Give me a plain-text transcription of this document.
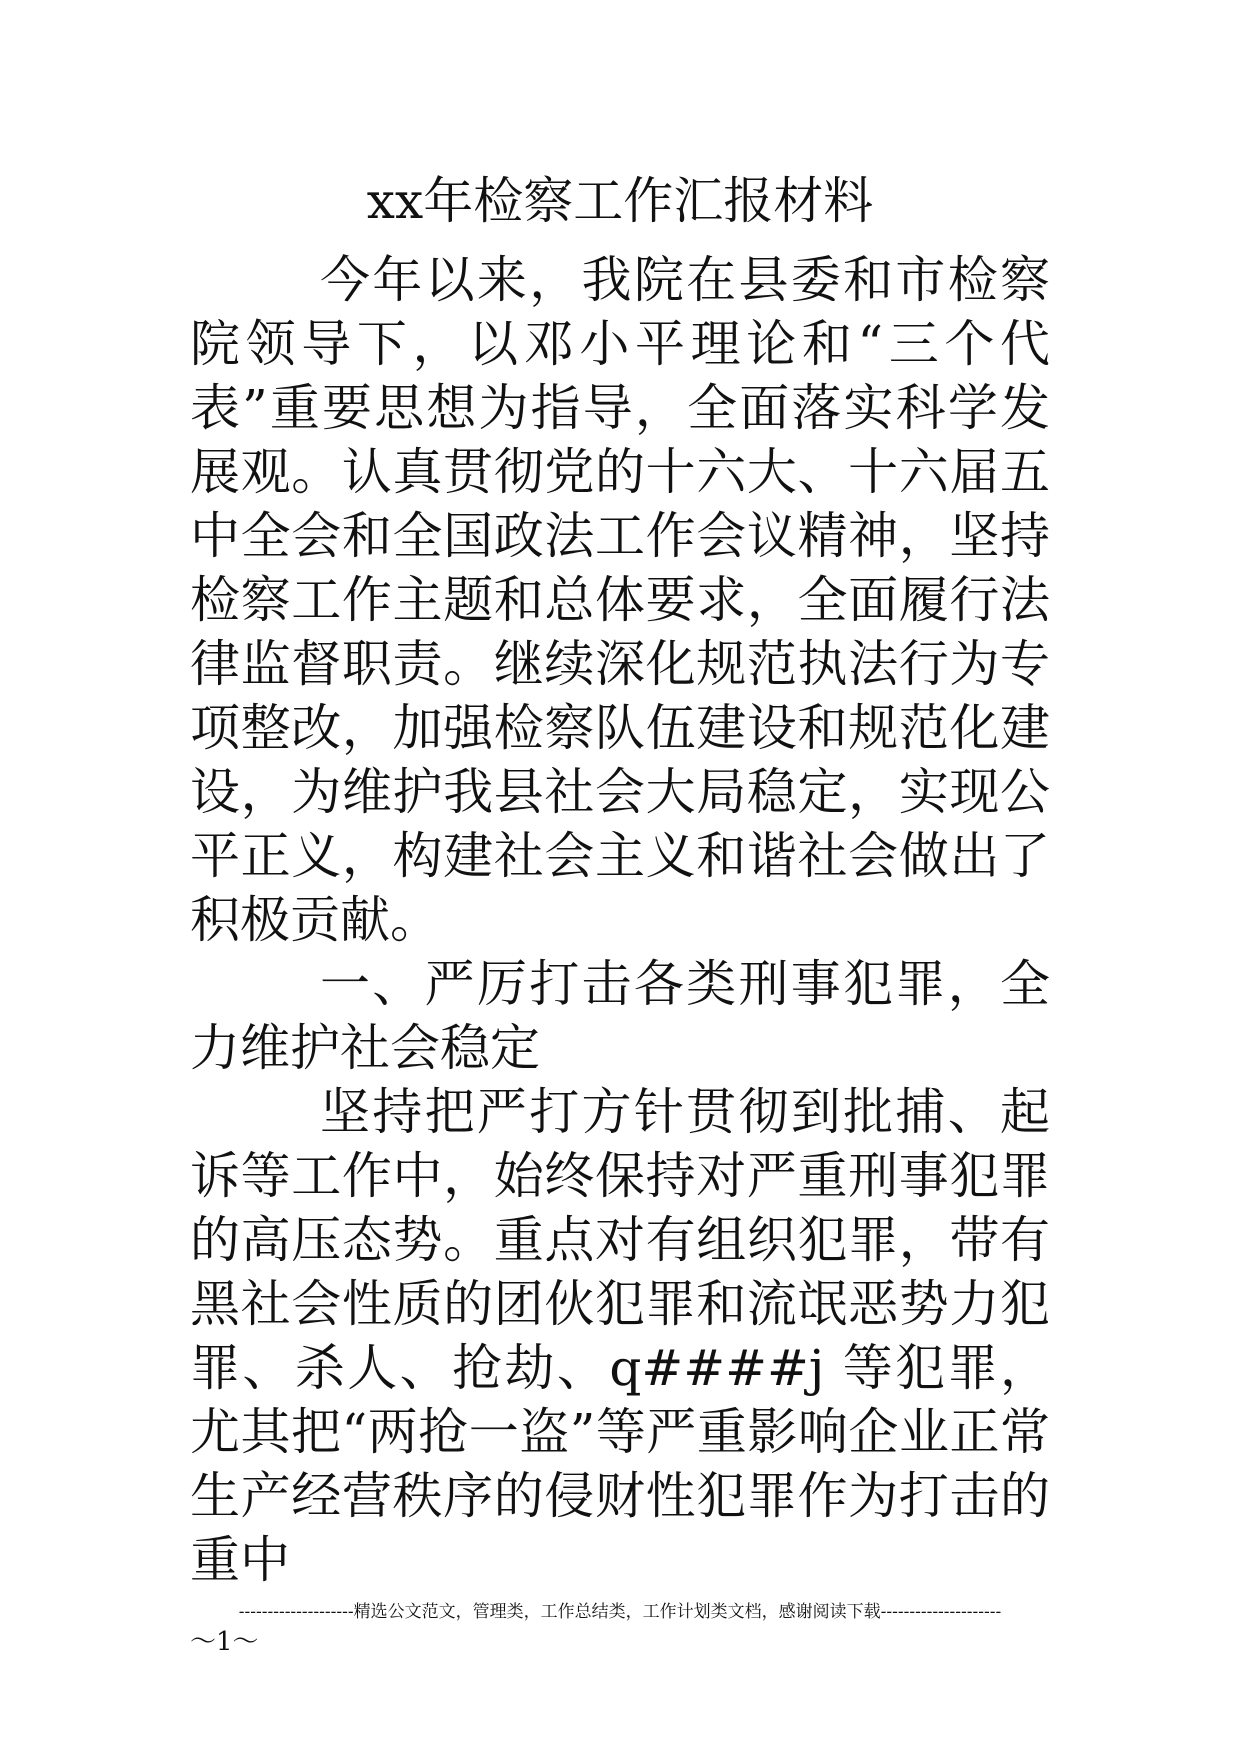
xx年检察工作汇报材料

今年以来，我院在县委和市检察院领导下，以邓小平理论和“三个代表”重要思想为指导，全面落实科学发展观。认真贯彻党的十六大、十六届五中全会和全国政法工作会议精神，坚持检察工作主题和总体要求，全面履行法律监督职责。继续深化规范执法行为专项整改，加强检察队伍建设和规范化建设，为维护我县社会大局稳定，实现公平正义，构建社会主义和谐社会做出了积极贡献。

一、严厉打击各类刑事犯罪，全力维护社会稳定

坚持把严打方针贯彻到批捕、起诉等工作中，始终保持对严重刑事犯罪的高压态势。重点对有组织犯罪，带有黑社会性质的团伙犯罪和流氓恶势力犯罪、杀人、抢劫、q####j 等犯罪，尤其把“两抢一盗”等严重影响企业正常生产经营秩序的侵财性犯罪作为打击的重中

--------------------精选公文范文，管理类，工作总结类，工作计划类文档，感谢阅读下载---------------------
～1～
